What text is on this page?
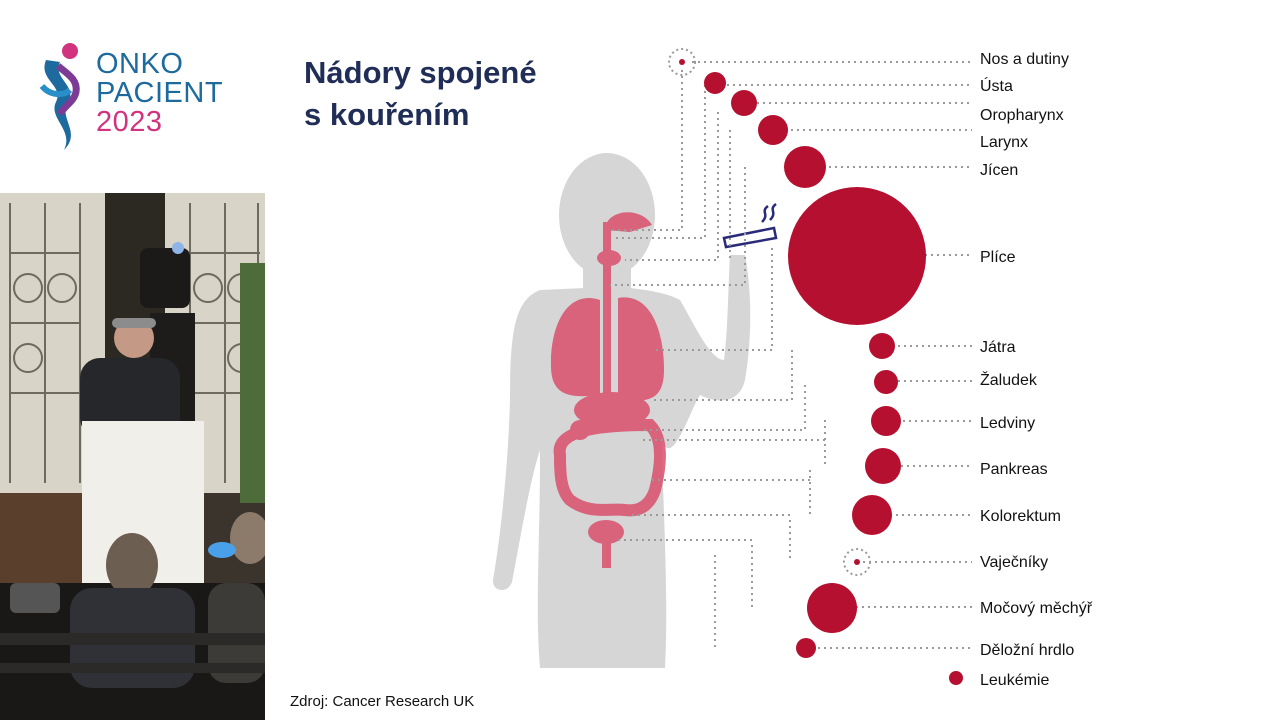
ONKO
PACIENT
2023
Nádory spojené
s kouřením
Nos a dutiny
Ústa
Oropharynx
Larynx
Jícen
Plíce
Játra
Žaludek
Ledviny
Pankreas
Kolorektum
Vaječníky
Močový měchýř
Děložní hrdlo
Leukémie
Zdroj: Cancer Research UK
